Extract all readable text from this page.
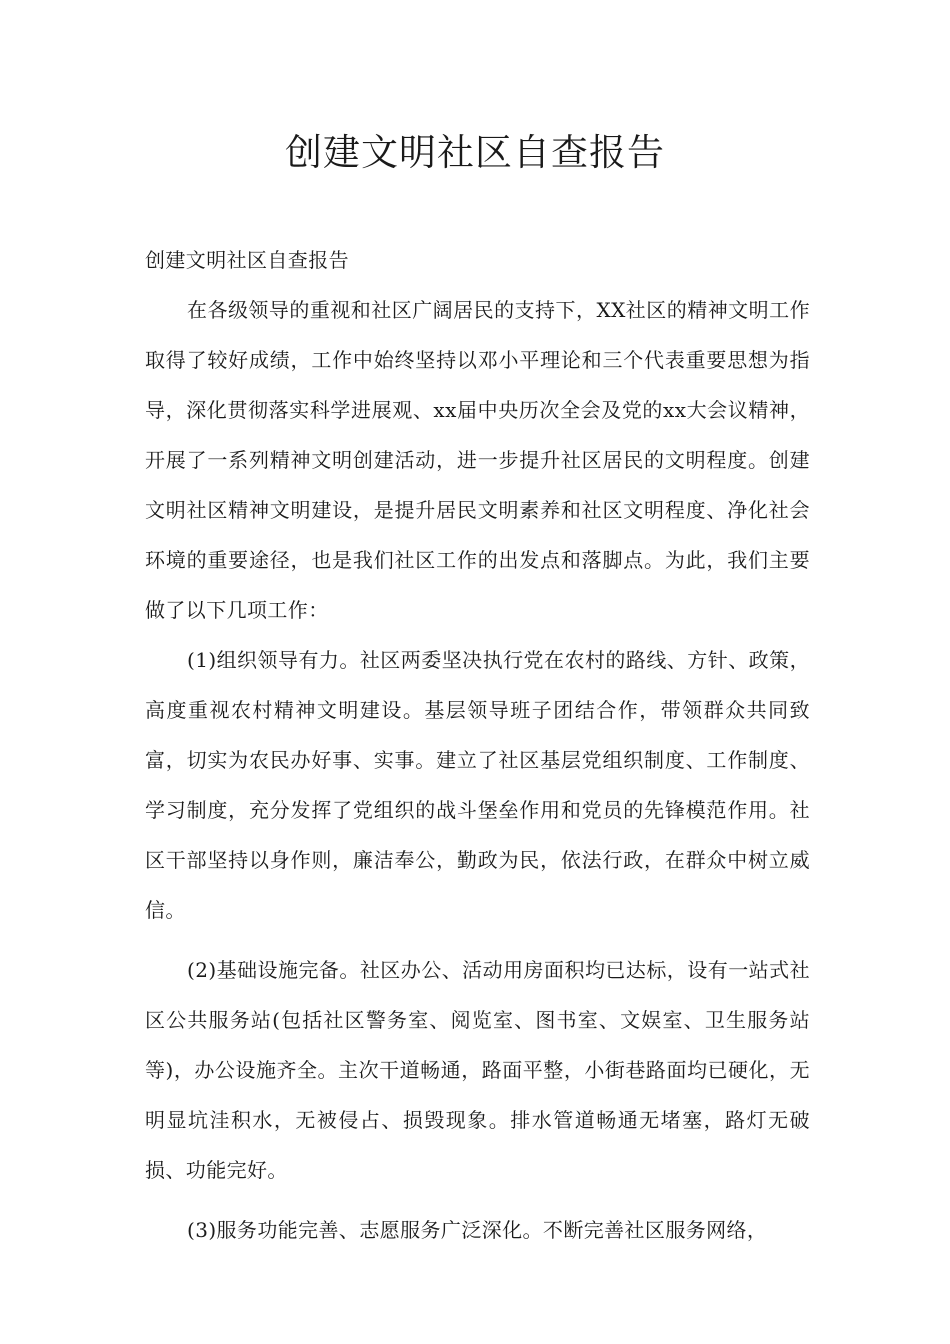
创建文明社区自查报告

创建文明社区自查报告

在各级领导的重视和社区广阔居民的支持下，XX社区的精神文明工作取得了较好成绩，工作中始终坚持以邓小平理论和三个代表重要思想为指导，深化贯彻落实科学进展观、xx届中央历次全会及党的xx大会议精神，开展了一系列精神文明创建活动，进一步提升社区居民的文明程度。创建文明社区精神文明建设，是提升居民文明素养和社区文明程度、净化社会环境的重要途径，也是我们社区工作的出发点和落脚点。为此，我们主要做了以下几项工作：

(1)组织领导有力。社区两委坚决执行党在农村的路线、方针、政策，高度重视农村精神文明建设。基层领导班子团结合作，带领群众共同致富，切实为农民办好事、实事。建立了社区基层党组织制度、工作制度、学习制度，充分发挥了党组织的战斗堡垒作用和党员的先锋模范作用。社区干部坚持以身作则，廉洁奉公，勤政为民，依法行政，在群众中树立威信。

(2)基础设施完备。社区办公、活动用房面积均已达标，设有一站式社区公共服务站(包括社区警务室、阅览室、图书室、文娱室、卫生服务站等)，办公设施齐全。主次干道畅通，路面平整，小街巷路面均已硬化，无明显坑洼积水，无被侵占、损毁现象。排水管道畅通无堵塞，路灯无破损、功能完好。

(3)服务功能完善、志愿服务广泛深化。不断完善社区服务网络，
